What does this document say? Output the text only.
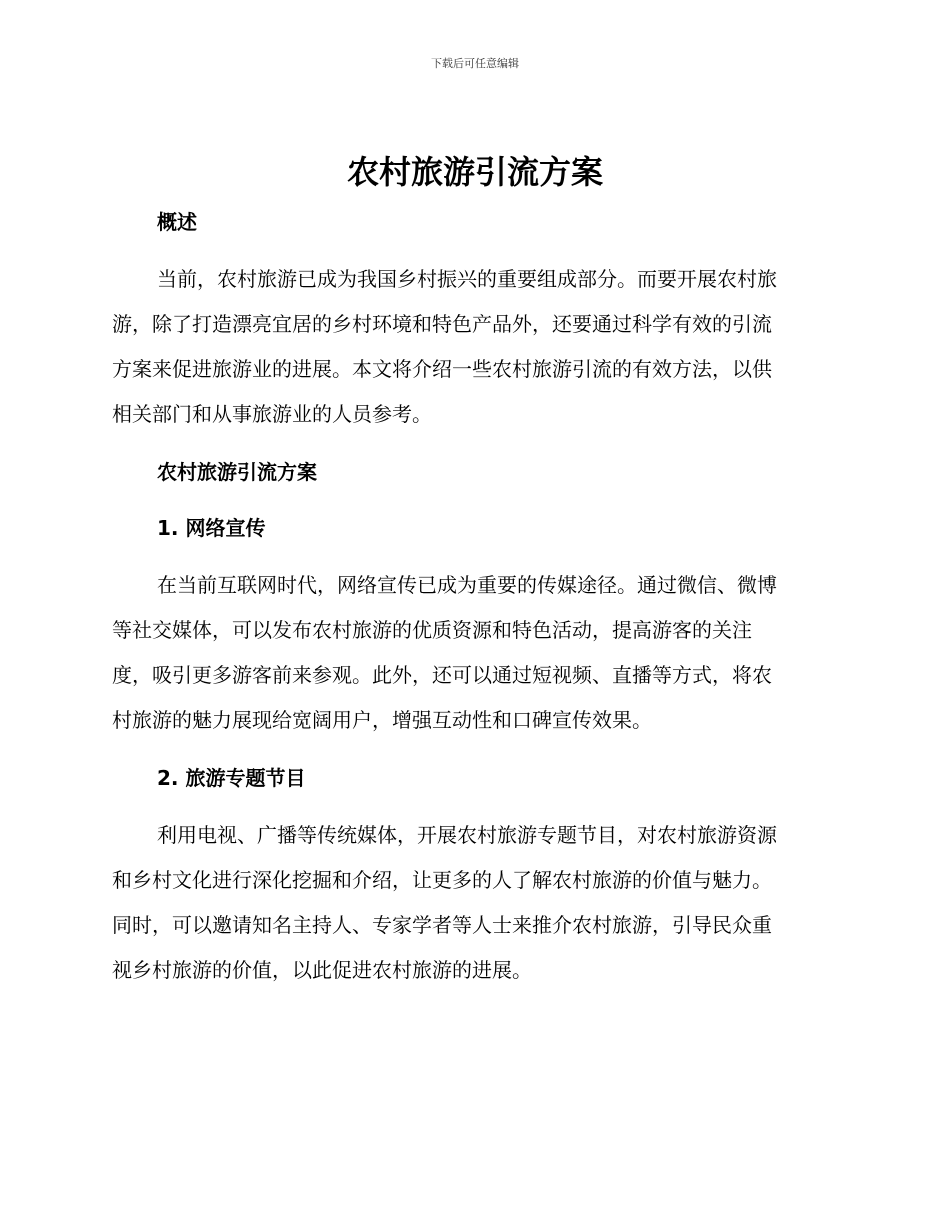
下载后可任意编辑
农村旅游引流方案
概述
当前，农村旅游已成为我国乡村振兴的重要组成部分。而要开展农村旅
游，除了打造漂亮宜居的乡村环境和特色产品外，还要通过科学有效的引流
方案来促进旅游业的进展。本文将介绍一些农村旅游引流的有效方法，以供
相关部门和从事旅游业的人员参考。
农村旅游引流方案
1. 网络宣传
在当前互联网时代，网络宣传已成为重要的传媒途径。通过微信、微博
等社交媒体，可以发布农村旅游的优质资源和特色活动，提高游客的关注
度，吸引更多游客前来参观。此外，还可以通过短视频、直播等方式，将农
村旅游的魅力展现给宽阔用户，增强互动性和口碑宣传效果。
2. 旅游专题节目
利用电视、广播等传统媒体，开展农村旅游专题节目，对农村旅游资源
和乡村文化进行深化挖掘和介绍，让更多的人了解农村旅游的价值与魅力。
同时，可以邀请知名主持人、专家学者等人士来推介农村旅游，引导民众重
视乡村旅游的价值，以此促进农村旅游的进展。
